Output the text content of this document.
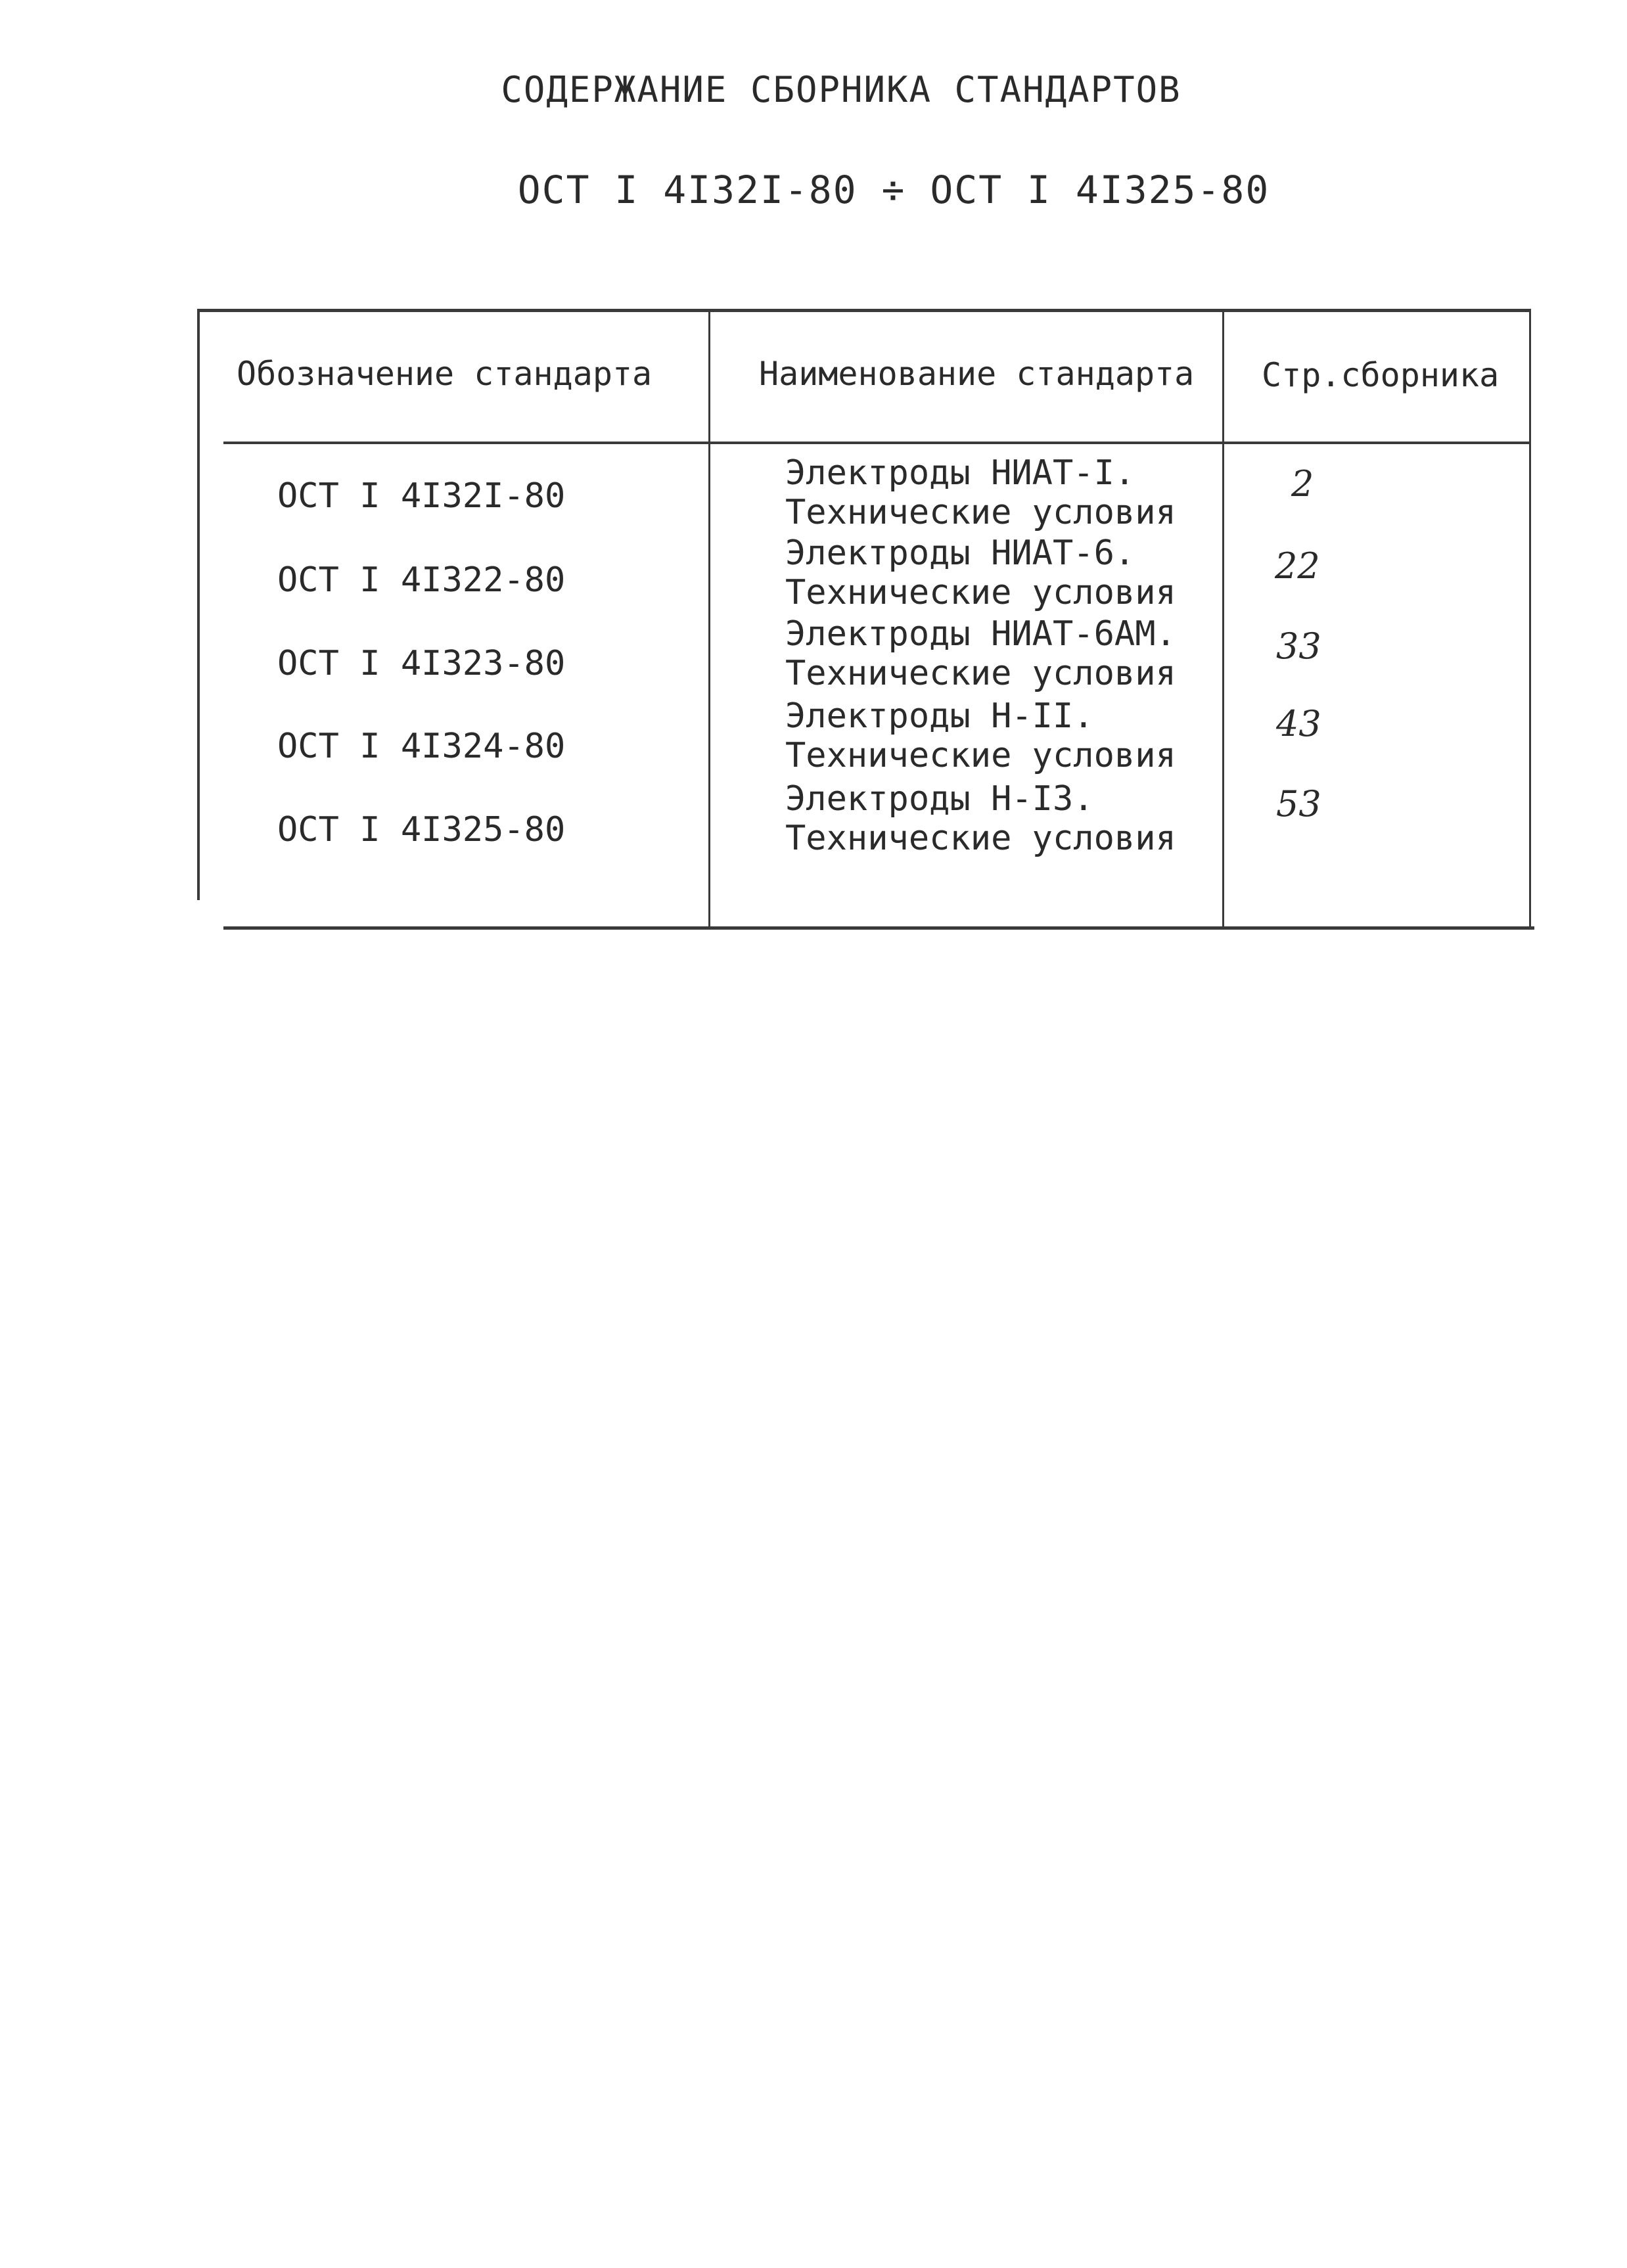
СОДЕРЖАНИЕ СБОРНИКА СТАНДАРТОВ
ОСТ I 4I32I-80 ÷ ОСТ I 4I325-80
Обозначение стандарта	Наименование стандарта Стр.сборника
ОСТ I 4I32I-80
Электроды НИАТ-I.
Технические условия
2
ОСТ I 4I322-80
Электроды НИАТ-6.
Технические условия
22
ОСТ I 4I323-80
Электроды НИАТ-6АМ.
Технические условия
33
ОСТ I 4I324-80
Электроды Н-II.
Технические условия
43
ОСТ I 4I325-80
Электроды Н-I3.
Технические условия
53
